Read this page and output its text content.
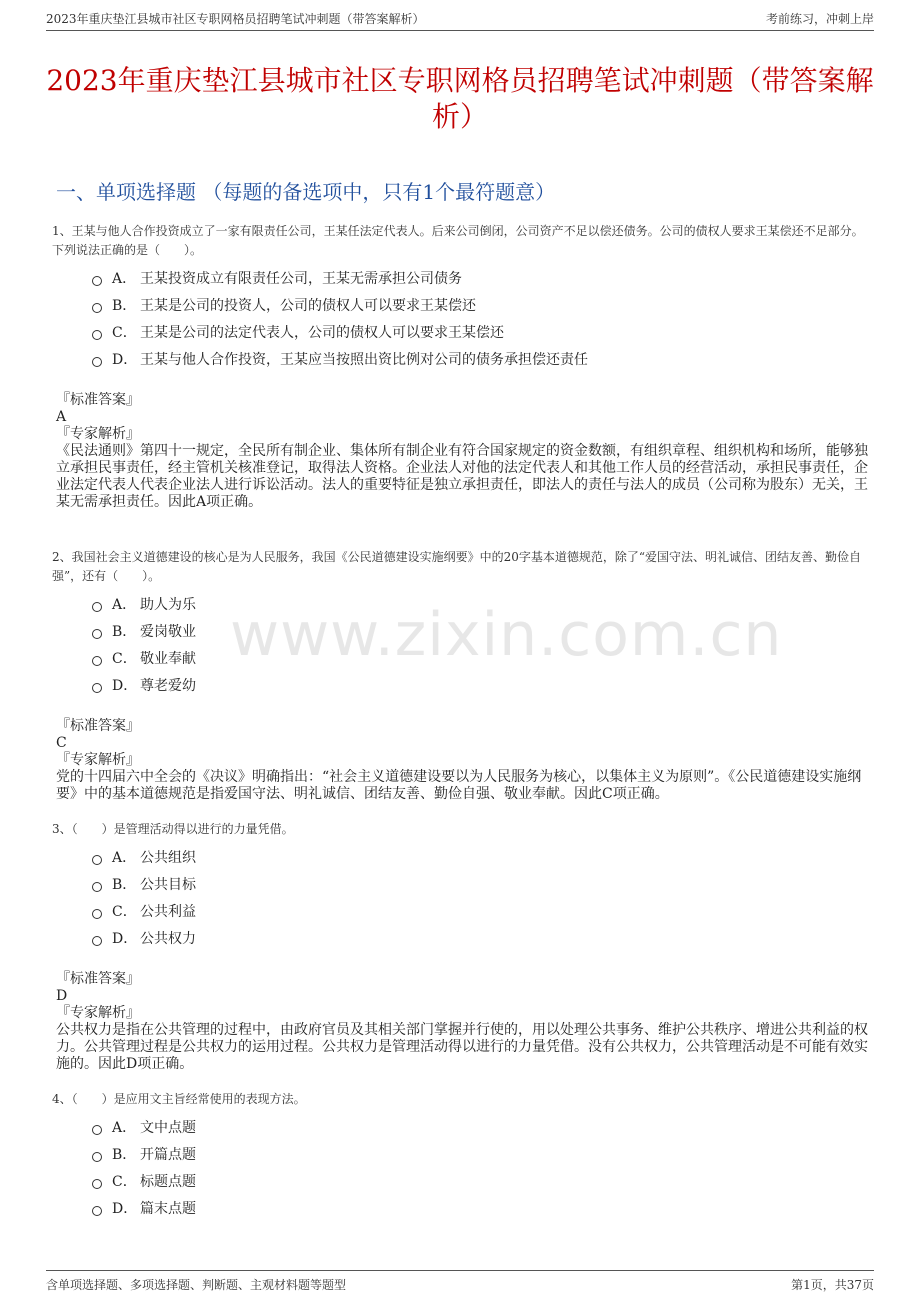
2023年重庆垫江县城市社区专职网格员招聘笔试冲刺题（带答案解析）	考前练习，冲刺上岸
2023年重庆垫江县城市社区专职网格员招聘笔试冲刺题（带答案解析）
一、单项选择题 （每题的备选项中，只有1个最符题意）
www.zixin.com.cn
1、王某与他人合作投资成立了一家有限责任公司，王某任法定代表人。后来公司倒闭，公司资产不足以偿还债务。公司的债权人要求王某偿还不足部分。
下列说法正确的是（　　）。
A． 王某投资成立有限责任公司，王某无需承担公司债务
B． 王某是公司的投资人，公司的债权人可以要求王某偿还
C． 王某是公司的法定代表人，公司的债权人可以要求王某偿还
D． 王某与他人合作投资，王某应当按照出资比例对公司的债务承担偿还责任
『标准答案』
A
『专家解析』
《民法通则》第四十一规定，全民所有制企业、集体所有制企业有符合国家规定的资金数额，有组织章程、组织机构和场所，能够独立承担民事责任，经主管机关核准登记，取得法人资格。企业法人对他的法定代表人和其他工作人员的经营活动，承担民事责任，企业法定代表人代表企业法人进行诉讼活动。法人的重要特征是独立承担责任，即法人的责任与法人的成员（公司称为股东）无关，王某无需承担责任。因此A项正确。
2、我国社会主义道德建设的核心是为人民服务，我国《公民道德建设实施纲要》中的20字基本道德规范，除了“爱国守法、明礼诚信、团结友善、勤俭自强”，还有（　　）。
A． 助人为乐
B． 爱岗敬业
C． 敬业奉献
D． 尊老爱幼
『标准答案』
C
『专家解析』
党的十四届六中全会的《决议》明确指出：“社会主义道德建设要以为人民服务为核心，以集体主义为原则”。《公民道德建设实施纲要》中的基本道德规范是指爱国守法、明礼诚信、团结友善、勤俭自强、敬业奉献。因此C项正确。
3、（　　）是管理活动得以进行的力量凭借。
A． 公共组织
B． 公共目标
C． 公共利益
D． 公共权力
『标准答案』
D
『专家解析』
公共权力是指在公共管理的过程中，由政府官员及其相关部门掌握并行使的，用以处理公共事务、维护公共秩序、增进公共利益的权力。公共管理过程是公共权力的运用过程。公共权力是管理活动得以进行的力量凭借。没有公共权力，公共管理活动是不可能有效实施的。因此D项正确。
4、（　　）是应用文主旨经常使用的表现方法。
A． 文中点题
B． 开篇点题
C． 标题点题
D． 篇末点题
含单项选择题、多项选择题、判断题、主观材料题等题型	第1页，共37页
